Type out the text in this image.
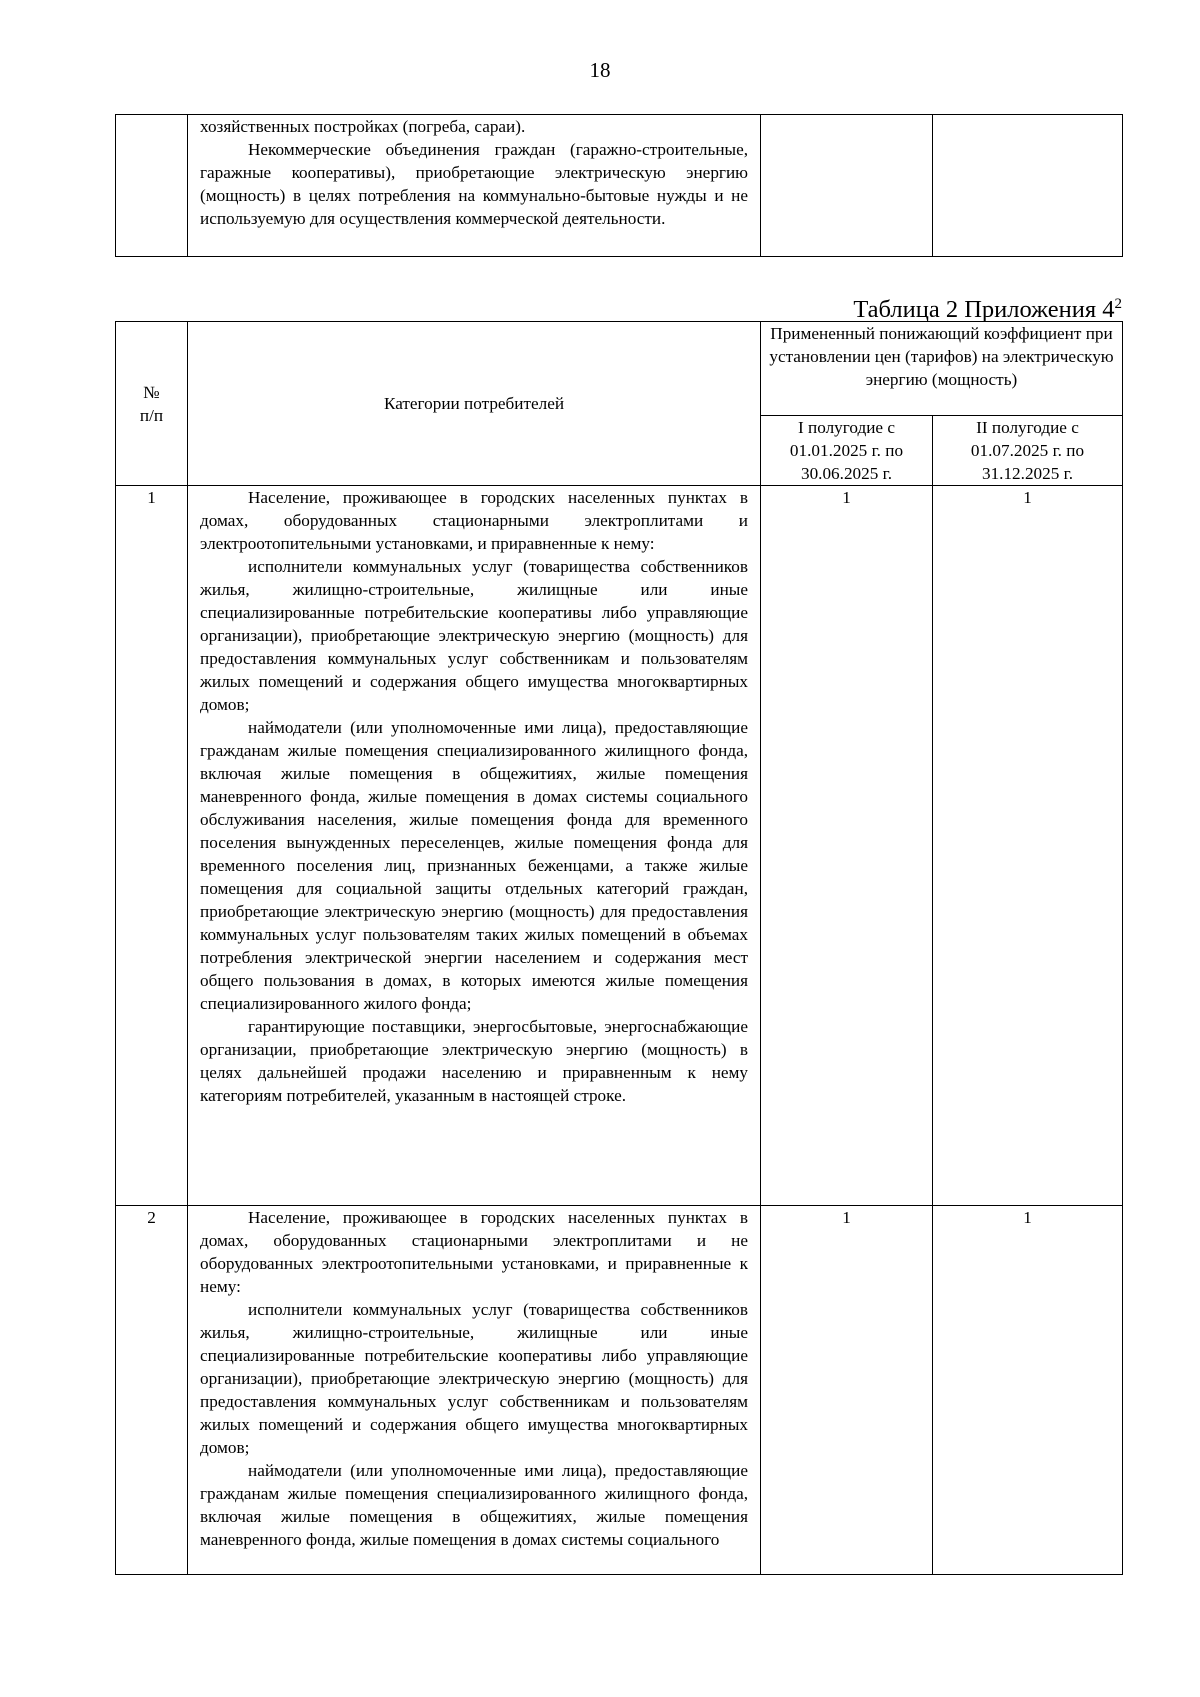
18

хозяйственных постройках (погреба, сараи).

Некоммерческие объединения граждан (гаражно-строительные, гаражные кооперативы), приобретающие электрическую энергию (мощность) в целях потребления на коммунально-бытовые нужды и не используемую для осуществления коммерческой деятельности.

Таблица 2 Приложения $4^2$
№
п/п	Категории потребителей	Примененный понижающий коэффициент при установлении цен (тарифов) на электрическую энергию (мощность)	
		I полугодие с 01.01.2025 г. по 30.06.2025 г.	II полугодие с 01.07.2025 г. по 31.12.2025 г.
1	Население, проживающее в городских населенных пунктах в домах, оборудованных стационарными электроплитами и электроотопительными установками, и приравненные к нему:

исполнители коммунальных услуг (товарищества собственников жилья, жилищно-строительные, жилищные или иные специализированные потребительские кооперативы либо управляющие организации), приобретающие электрическую энергию (мощность) для предоставления коммунальных услуг собственникам и пользователям жилых помещений и содержания общего имущества многоквартирных домов;

наймодатели (или уполномоченные ими лица), предоставляющие гражданам жилые помещения специализированного жилищного фонда, включая жилые помещения в общежитиях, жилые помещения маневренного фонда, жилые помещения в домах системы социального обслуживания населения, жилые помещения фонда для временного поселения вынужденных переселенцев, жилые помещения фонда для временного поселения лиц, признанных беженцами, а также жилые помещения для социальной защиты отдельных категорий граждан, приобретающие электрическую энергию (мощность) для предоставления коммунальных услуг пользователям таких жилых помещений в объемах потребления электрической энергии населением и содержания мест общего пользования в домах, в которых имеются жилые помещения специализированного жилого фонда;

гарантирующие поставщики, энергосбытовые, энергоснабжающие организации, приобретающие электрическую энергию (мощность) в целях дальнейшей продажи населению и приравненным к нему категориям потребителей, указанным в настоящей строке.	1	1
2	Население, проживающее в городских населенных пунктах в домах, оборудованных стационарными электроплитами и не оборудованных электроотопительными установками, и приравненные к нему:

исполнители коммунальных услуг (товарищества собственников жилья, жилищно-строительные, жилищные или иные специализированные потребительские кооперативы либо управляющие организации), приобретающие электрическую энергию (мощность) для предоставления коммунальных услуг собственникам и пользователям жилых помещений и содержания общего имущества многоквартирных домов;

наймодатели (или уполномоченные ими лица), предоставляющие гражданам жилые помещения специализированного жилищного фонда, включая жилые помещения в общежитиях, жилые помещения маневренного фонда, жилые помещения в домах системы социального	1	1
